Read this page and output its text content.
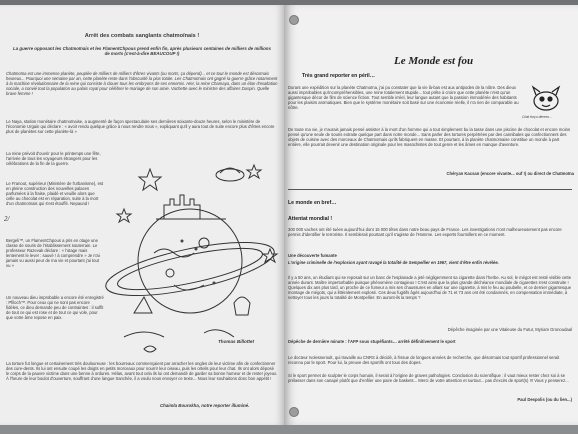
Arrêt des combats sanglants chatmoïnais !
La guerre opposant les Chatmoïnais et les FlamentChpous prend enfin fin, après plusieurs centaines de milliers de millions de morts (c'est-à-dire BEAUCOUP !)
Chatmoïna est une immense planète, peuplée de milliers de milliers d'êtres vivants (ou morts, ça dépend)... et ce tout le monde est désormais heureux... Pourquoi une semaine par an, cette planète reste dans l'obscurité la plus totale. Les Chatmoïnais ont gagné la guerre grâce notamment à la machine révolutionnaire de la reine qui consiste à clouer tous les embryons de ses ennemis. Hier, la reine Chamaya, dans un élan d'exaltation sociale, a convié tout la population au palais royal pour célébrer le mariage de son amie. Vachette avec le ministre des affaires Duspin. Quelle brave femme !
Le Naya, station monétaire chatmoïnaise, a augmenté de façon spectaculaire ses dernières soixante-douze heures, selon le ministère de l'économie Urgain qui déclare : « avoir rendu quelque grâce à nous rendre nous », expliquant qu'il y aura tout de suite encore plus d'êtres encore plus de planètes sur cette planète-là »
La reine prévoit d'ouvrir pour le printemps une fête, l'arrivée de tous les voyageurs étrangers pour les célébrations de la fin de la guerre.
Le Franout, supérieur (Ministère de l'urbanisme), est en pleine construction des nouvelles palaces parfumées à la fraise, plaidé et veuille alors que celle au chocolat est en réparation, suite à la mort d'un chatmoïnais qui s'est étouffé. Nepaund !
Bergeli™, un FlamentChpous a pris en otage une classe de souris de l'établissement souterrain. Le professeur Razevak déclare : « l'otage mais lentement le lever : sauvé ! à comprendre » Je n'ai jamais vu aussi peur de ma vie et pourtant j'ai tout vu »
Un nouveau dieu improbable a encore été enregistré : Pfiloch™. Pour ceux qui ne sont pas encore fidèles, ce dieu demande peu de contraintes : il suffit de tout ce qui est rose et de tout ce qui vole, pour que votre âme repose en paix.
La torture fut longue et certainement très douloureuse : les bourreaux commençaient par arracher les ongles de leur victime afin de confectionner des cure-dents. Ils lui ont ensuite coupé les doigts en petits morceaux pour nourrir leur oiseau, puis les orteils pour leur chat. Ils ont alors déposé le corps de la pauvre victime dans une benne à ordures. Hélas, avant tout cela ils lui ont demandé de garder sa bonne humeur et de rester joyeux. À l'heure de leur boulot d'ouverture, souffrant d'une langue tranchée, il a voulu nous envoyer ce texte... Nous leur souhaitons donc bon appétit !
Chaimla Bourokha, notre reporter illuminé.
Thomas Billottet
2/
Le Monde est fou
Chat forçu décern...
Très grand reporter en péril…
Durant une expédition sur la planète Chatmoïna, j'ai pu constater que la vie là-bas est aux antipodes de la nôtre. Des dieux aussi improbables qu'incompréhensibles, une reine totalement stupide... tout prête à croire que cette planète n'est qu'un gigantesque décor de film de science fiction. Tout semble irréel, leur langue autant que la passion immodérée des habitants pour les plaisirs aromatiques. Bien que le système monétaire soit basé sur une économie réelle, il n'a rien de comparable au nôtre.
De toute ma vie, je n'aurais jamais pensé assister à la mort d'un homme qui a tout simplement bu la tasse dans une piscine de chocolat et encore moins pensé qu'une seule de souris extraite quelque part dans notre monde... Sans parler des tortures perpétrées par des cannibales qui confectionnent des objets de cuisine avec des morceaux de Chatmoïnais qu'ils fabriquent en masse. Et pourtant, à la planète chatmoïnaise constitue un monde à part entière, elle pourrait devenir une destination originale pour les masochistes de tout genre et les âmes en manque d'aventure.
Chéryan Kacsan (encore vivante... ouf !) ou direct de Chatmoïna
Le monde en bref…
Attentat mondial !
300 000 vaches ont été tuées aujourd'hui dont 15 000 têtes dans notre beau pays de France. Les investigations n'ont malheureusement pas encore permis d'identifier le terroriste. Il semblerait pourtant qu'il s'agisse de l'Homme. Les experts fourmillent en ce moment.
Une découverte fumante
L'origine criminelle de l'explosion ayant ravagé la totalité de Sempellier en 1967, vient d'être enfin révélée.
Il y a 50 ans, un étudiant qui se reposait sur un banc de l'esplanade a jeté négligemment sa cigarette dans l'herbe. Au sol, le mégot est resté visible cette année durant. Maître imperturbable puisque phénomène contagieux ! C'est ainsi que la plus grande déchéance mondiale de cigarettes s'est construite ! Quelques dix ans plus tard, un proche de ce fumeur a mis ses chaussures en allant sur une cigarette, à mis le feu au poubelle, et ce dernier gigantesque montage de mégots, qui a littéralement explosé. Ces deux fugitifs âgés aujourd'hui de 71 et 73 ans ont été condamnés, en compensation immédiate, à nettoyer tous les jours la totalité de Montpellier. En auront-ils la temps ?
Dépêche imaginée par une Vitaleuse du Futur, Myriam Gronoudaal
Dépêche de dernière minute : l'AFP sous stupéfiants… arrêté définitivement le sport
Le docteur Ivolesseroult, qui travaille au CNRS à décidé, à l'issue de longues années de recherche, que désormais tout sportif professionnel serait reconnu par le sport. Pour lui, la preuve des sportifs ont tous des dopes.
Si le sport permet de sculpter le corps humain, il serait à l'origine de graves pathologies. Conclusion du scientifique : il vaut mieux rester chez soi à se prélasser dans son canapé plutôt que d'enfiler une paire de baskets... Merci de votre attention et surtout... pas d'excès de sport(s) !!! Vous y penserez...
Paul Despolis (ou du lien...)
